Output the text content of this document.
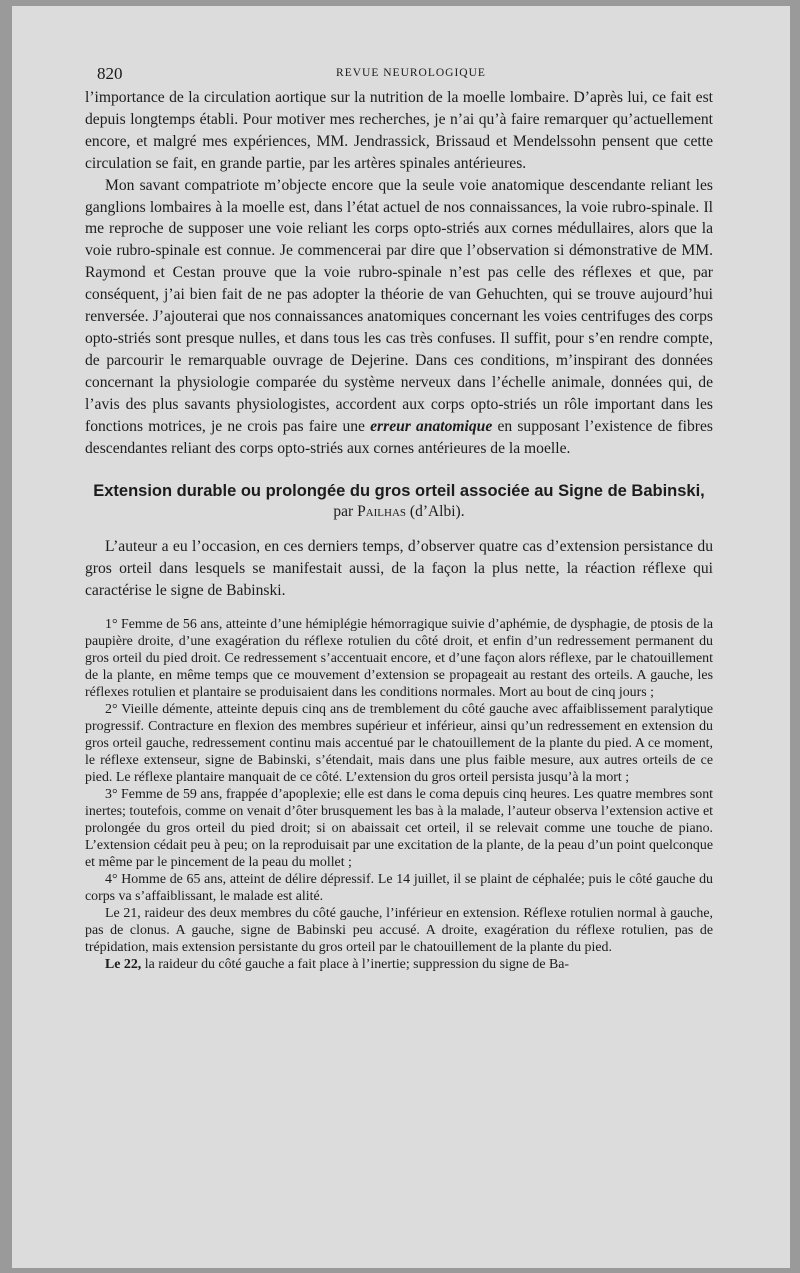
820	REVUE NEUROLOGIQUE

l’importance de la circulation aortique sur la nutrition de la moelle lombaire. D’après lui, ce fait est depuis longtemps établi. Pour motiver mes recherches, je n’ai qu’à faire remarquer qu’actuellement encore, et malgré mes expériences, MM. Jendrassick, Brissaud et Mendelssohn pensent que cette circulation se fait, en grande partie, par les artères spinales antérieures.

Mon savant compatriote m’objecte encore que la seule voie anatomique descendante reliant les ganglions lombaires à la moelle est, dans l’état actuel de nos connaissances, la voie rubro-spinale. Il me reproche de supposer une voie reliant les corps opto-striés aux cornes médullaires, alors que la voie rubro-spinale est connue. Je commencerai par dire que l’observation si démonstrative de MM. Raymond et Cestan prouve que la voie rubro-spinale n’est pas celle des réflexes et que, par conséquent, j’ai bien fait de ne pas adopter la théorie de van Gehuchten, qui se trouve aujourd’hui renversée. J’ajouterai que nos connaissances anatomiques concernant les voies centrifuges des corps opto-striés sont presque nulles, et dans tous les cas très confuses. Il suffit, pour s’en rendre compte, de parcourir le remarquable ouvrage de Dejerine. Dans ces conditions, m’inspirant des données concernant la physiologie comparée du système nerveux dans l’échelle animale, données qui, de l’avis des plus savants physiologistes, accordent aux corps opto-striés un rôle important dans les fonctions motrices, je ne crois pas faire une erreur anatomique en supposant l’existence de fibres descendantes reliant des corps opto-striés aux cornes antérieures de la moelle.

Extension durable ou prolongée du gros orteil associée au Signe de Babinski, par Pailhas (d’Albi).

L’auteur a eu l’occasion, en ces derniers temps, d’observer quatre cas d’extension persistance du gros orteil dans lesquels se manifestait aussi, de la façon la plus nette, la réaction réflexe qui caractérise le signe de Babinski.

1° Femme de 56 ans, atteinte d’une hémiplégie hémorragique suivie d’aphémie, de dysphagie, de ptosis de la paupière droite, d’une exagération du réflexe rotulien du côté droit, et enfin d’un redressement permanent du gros orteil du pied droit. Ce redressement s’accentuait encore, et d’une façon alors réflexe, par le chatouillement de la plante, en même temps que ce mouvement d’extension se propageait au restant des orteils. A gauche, les réflexes rotulien et plantaire se produisaient dans les conditions normales. Mort au bout de cinq jours ;

2° Vieille démente, atteinte depuis cinq ans de tremblement du côté gauche avec affaiblissement paralytique progressif. Contracture en flexion des membres supérieur et inférieur, ainsi qu’un redressement en extension du gros orteil gauche, redressement continu mais accentué par le chatouillement de la plante du pied. A ce moment, le réflexe extenseur, signe de Babinski, s’étendait, mais dans une plus faible mesure, aux autres orteils de ce pied. Le réflexe plantaire manquait de ce côté. L’extension du gros orteil persista jusqu’à la mort ;

3° Femme de 59 ans, frappée d’apoplexie; elle est dans le coma depuis cinq heures. Les quatre membres sont inertes; toutefois, comme on venait d’ôter brusquement les bas à la malade, l’auteur observa l’extension active et prolongée du gros orteil du pied droit; si on abaissait cet orteil, il se relevait comme une touche de piano. L’extension cédait peu à peu; on la reproduisait par une excitation de la plante, de la peau d’un point quelconque et même par le pincement de la peau du mollet ;

4° Homme de 65 ans, atteint de délire dépressif. Le 14 juillet, il se plaint de céphalée; puis le côté gauche du corps va s’affaiblissant, le malade est alité.

Le 21, raideur des deux membres du côté gauche, l’inférieur en extension. Réflexe rotulien normal à gauche, pas de clonus. A gauche, signe de Babinski peu accusé. A droite, exagération du réflexe rotulien, pas de trépidation, mais extension persistante du gros orteil par le chatouillement de la plante du pied.

Le 22, la raideur du côté gauche a fait place à l’inertie; suppression du signe de Ba-
